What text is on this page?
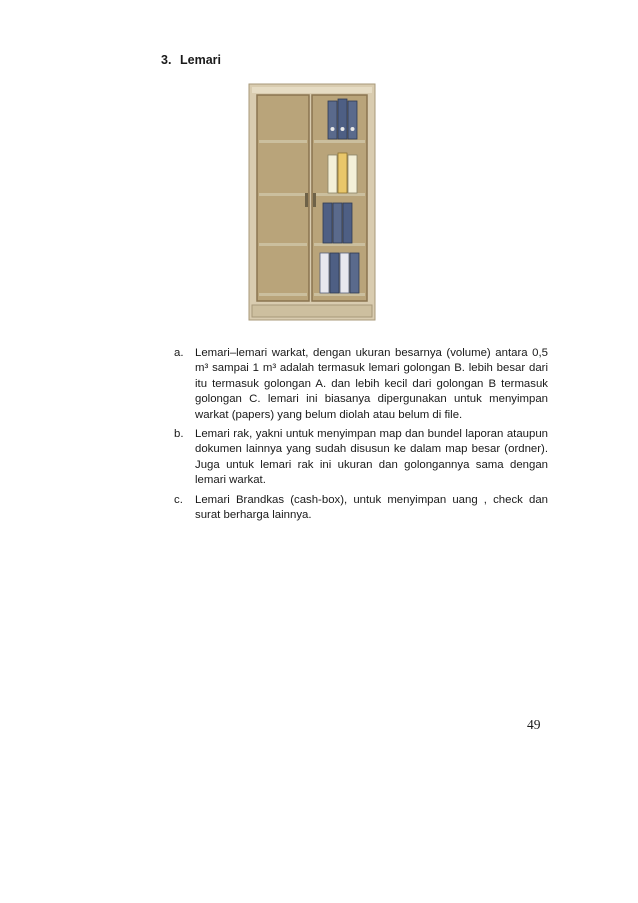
3. Lemari
a.	Lemari–lemari warkat, dengan ukuran besarnya (volume) antara 0,5 m³ sampai 1 m³ adalah termasuk lemari golongan B. lebih besar dari itu termasuk golongan A. dan lebih kecil dari golongan B termasuk golongan C. lemari ini biasanya dipergunakan untuk menyimpan warkat (papers) yang belum diolah atau belum di file.
b.	Lemari rak, yakni untuk menyimpan map dan bundel laporan ataupun dokumen lainnya yang sudah disusun ke dalam map besar (ordner). Juga untuk lemari rak ini ukuran dan golongannya sama dengan lemari warkat.
c.	Lemari Brandkas (cash-box), untuk menyimpan uang , check dan surat berharga lainnya.
49
